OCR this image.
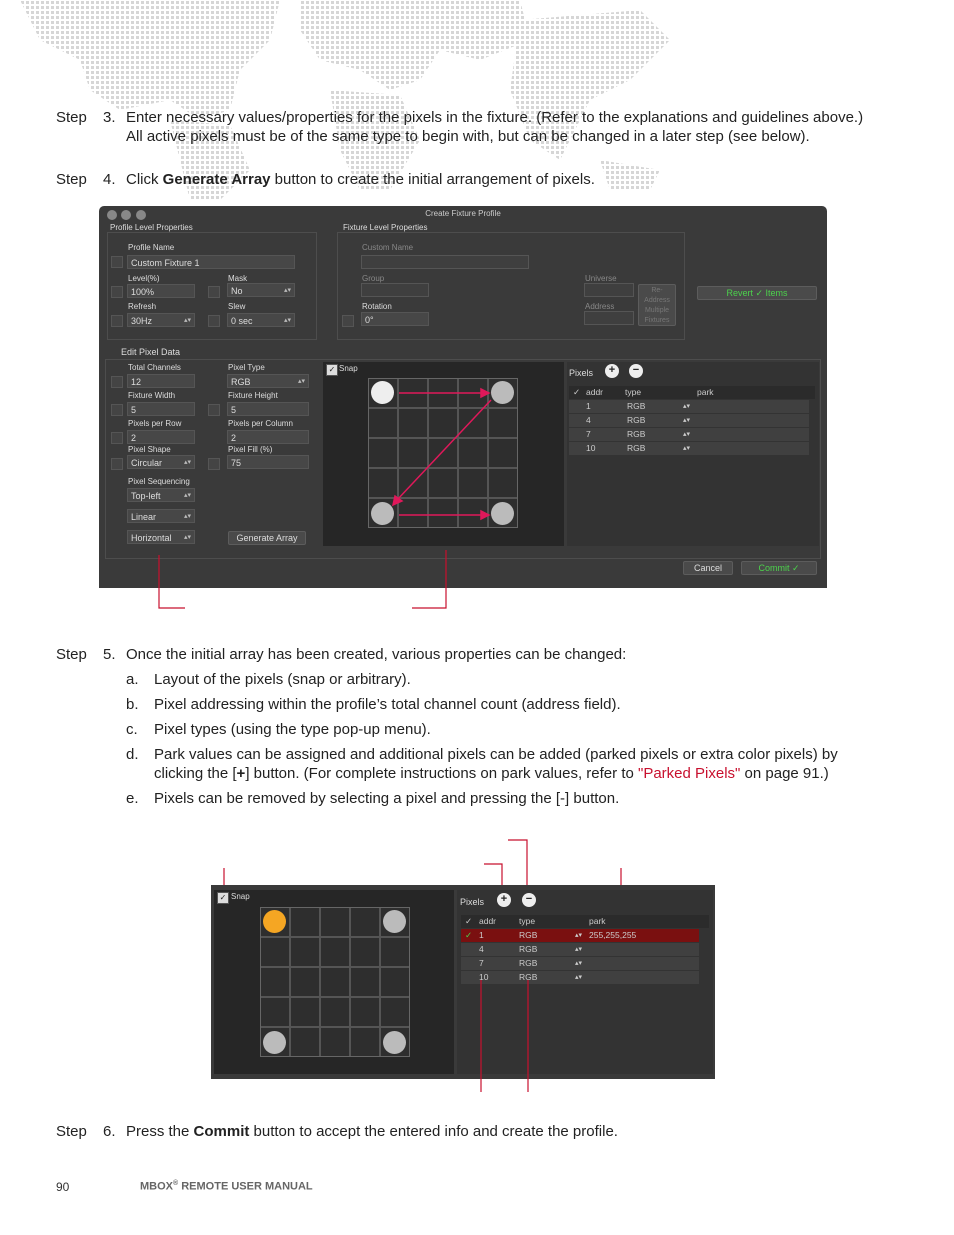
Step 3. Enter necessary values/properties for the pixels in the fixture. (Refer to the explanations and guidelines above.) All active pixels must be of the same type to begin with, but can be changed in a later step (see below).
Step 4. Click Generate Array button to create the initial arrangement of pixels.
Create Fixture Profile
Profile Level Properties	Fixture Level Properties
Profile Name
Custom Fixture 1
Level(%)
100%
Mask
No	▴▾
Refresh
30Hz	▴▾
Slew
0 sec	▴▾
Custom Name
Group	Universe
Rotation
0°
Address
Re-Address Multiple Fixtures
Revert ✓ Items
Edit Pixel Data
Total Channels
12
Pixel Type
RGB	▴▾
Fixture Width
5
Fixture Height
5
Pixels per Row
2
Pixels per Column
2
Pixel Shape
Circular	▴▾
Pixel Fill (%)
75
Pixel Sequencing
Top-left	▴▾
Linear	▴▾
Horizontal ▴▾	Generate Array
✓ Snap	Pixels	+	−
✓ addr	type	park
1	RGB	▴▾
4	RGB	▴▾
7	RGB	▴▾
10	RGB	▴▾
Cancel	Commit ✓
Step 5. Once the initial array has been created, various properties can be changed:
a. Layout of the pixels (snap or arbitrary).
b. Pixel addressing within the profile’s total channel count (address field).
c. Pixel types (using the type pop-up menu).
d. Park values can be assigned and additional pixels can be added (parked pixels or extra color pixels) by clicking the [+] button. (For complete instructions on park values, refer to "Parked Pixels" on page 91.)
e. Pixels can be removed by selecting a pixel and pressing the [-] button.
✓ Snap
Pixels	+	−
✓ addr	type	park
✓ 1	RGB	▴▾ 255,255,255
4	RGB	▴▾
7	RGB	▴▾
10	RGB	▴▾
Step 6. Press the Commit button to accept the entered info and create the profile.
90	MBOX® REMOTE USER MANUAL
